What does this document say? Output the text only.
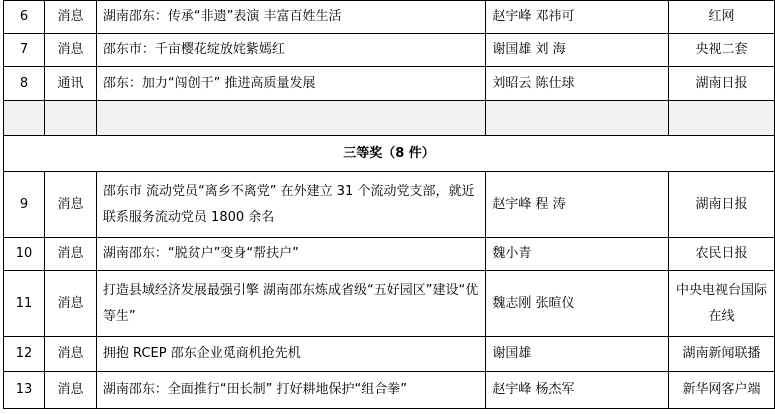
6	消息	湖南邵东：传承“非遗”表演 丰富百姓生活	赵宇峰 邓祎可	红网
7	消息	邵东市：千亩樱花绽放姹紫嫣红	谢国雄 刘 海	央视二套
8	通讯	邵东：加力“闯创干” 推进高质量发展	刘昭云 陈仕球	湖南日报

三等奖（8 件）				
9	消息	邵东市 流动党员“离乡不离党” 在外建立 31 个流动党支部，就近联系服务流动党员 1800 余名	赵宇峰 程 涛	湖南日报
10	消息	湖南邵东：“脱贫户”变身“帮扶户”	魏小青	农民日报
11	消息	打造县域经济发展最强引擎 湖南邵东炼成省级“五好园区”建设“优等生”	魏志刚 张暄仪	中央电视台国际在线
12	消息	拥抱 RCEP 邵东企业觅商机抢先机	谢国雄	湖南新闻联播
13	消息	湖南邵东：全面推行“田长制” 打好耕地保护“组合拳”	赵宇峰 杨杰军	新华网客户端
